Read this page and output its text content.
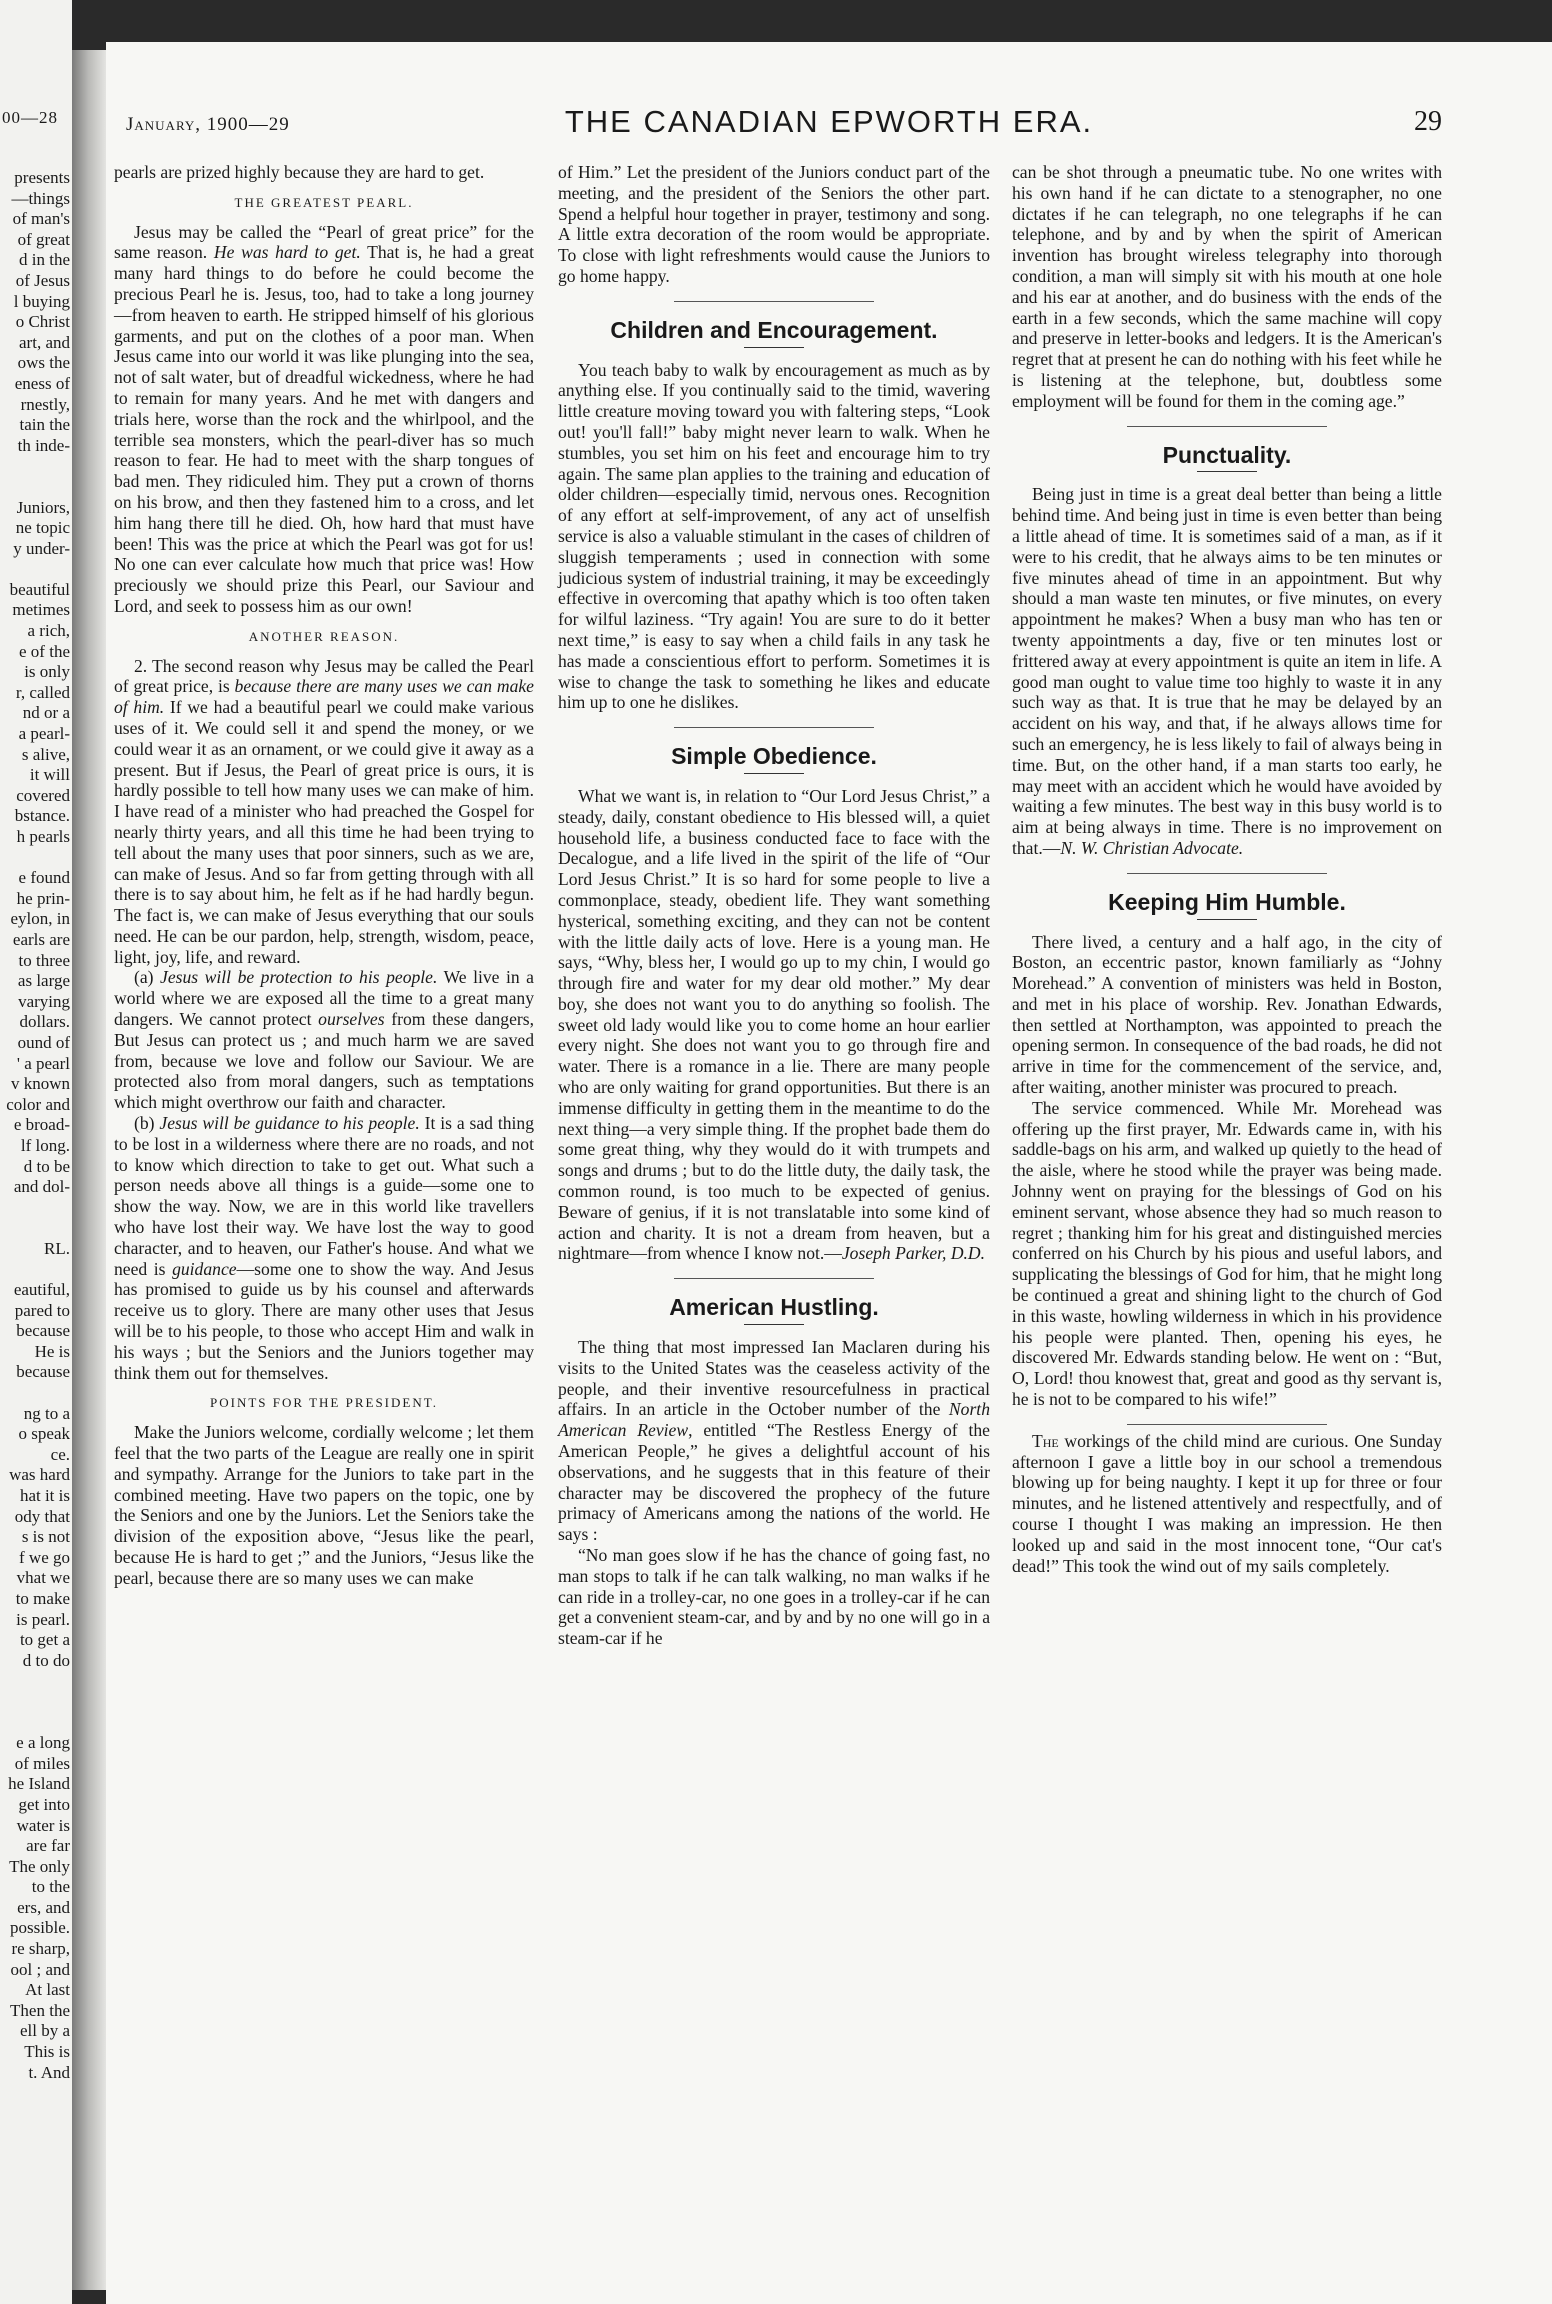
00—28
presents
—things
of man's
of great
d in the
of Jesus
l buying
o Christ
art, and
ows the
eness of
rnestly,
tain the
th inde-

Juniors,
ne topic
y under-

beautiful
metimes
a rich,
e of the
is only
r, called
nd or a
a pearl-
s alive,
it will
covered
bstance.
h pearls

e found
he prin-
eylon, in
earls are
to three
as large
varying
dollars.
ound of
' a pearl
v known
color and
e broad-
lf long.
d to be
and dol-

RL.

eautiful,
pared to
because
He is
because

ng to a
o speak
ce.
was hard
hat it is
ody that
s is not
f we go
vhat we
to make
is pearl.
to get a
d to do

e a long
of miles
he Island
get into
water is
are far
The only
to the
ers, and
possible.
re sharp,
ool ; and
At last
Then the
ell by a
This is
t. And
January, 1900—29	THE CANADIAN EPWORTH ERA.	29

pearls are prized highly because they are hard to get.

THE GREATEST PEARL.

Jesus may be called the “Pearl of great price” for the same reason. He was hard to get. That is, he had a great many hard things to do before he could become the precious Pearl he is. Jesus, too, had to take a long journey—from heaven to earth. He stripped himself of his glorious garments, and put on the clothes of a poor man. When Jesus came into our world it was like plunging into the sea, not of salt water, but of dreadful wickedness, where he had to remain for many years. And he met with dangers and trials here, worse than the rock and the whirlpool, and the terrible sea monsters, which the pearl-diver has so much reason to fear. He had to meet with the sharp tongues of bad men. They ridiculed him. They put a crown of thorns on his brow, and then they fastened him to a cross, and let him hang there till he died. Oh, how hard that must have been! This was the price at which the Pearl was got for us! No one can ever calculate how much that price was! How preciously we should prize this Pearl, our Saviour and Lord, and seek to possess him as our own!

ANOTHER REASON.

2. The second reason why Jesus may be called the Pearl of great price, is because there are many uses we can make of him. If we had a beautiful pearl we could make various uses of it. We could sell it and spend the money, or we could wear it as an ornament, or we could give it away as a present. But if Jesus, the Pearl of great price is ours, it is hardly possible to tell how many uses we can make of him. I have read of a minister who had preached the Gospel for nearly thirty years, and all this time he had been trying to tell about the many uses that poor sinners, such as we are, can make of Jesus. And so far from getting through with all there is to say about him, he felt as if he had hardly begun. The fact is, we can make of Jesus everything that our souls need. He can be our pardon, help, strength, wisdom, peace, light, joy, life, and reward.

(a) Jesus will be protection to his people. We live in a world where we are exposed all the time to a great many dangers. We cannot protect ourselves from these dangers, But Jesus can protect us ; and much harm we are saved from, because we love and follow our Saviour. We are protected also from moral dangers, such as temptations which might overthrow our faith and character.

(b) Jesus will be guidance to his people. It is a sad thing to be lost in a wilderness where there are no roads, and not to know which direction to take to get out. What such a person needs above all things is a guide—some one to show the way. Now, we are in this world like travellers who have lost their way. We have lost the way to good character, and to heaven, our Father's house. And what we need is guidance—some one to show the way. And Jesus has promised to guide us by his counsel and afterwards receive us to glory. There are many other uses that Jesus will be to his people, to those who accept Him and walk in his ways ; but the Seniors and the Juniors together may think them out for themselves.

POINTS FOR THE PRESIDENT.

Make the Juniors welcome, cordially welcome ; let them feel that the two parts of the League are really one in spirit and sympathy. Arrange for the Juniors to take part in the combined meeting. Have two papers on the topic, one by the Seniors and one by the Juniors. Let the Seniors take the division of the exposition above, “Jesus like the pearl, because He is hard to get ;” and the Juniors, “Jesus like the pearl, because there are so many uses we can make

of Him.” Let the president of the Juniors conduct part of the meeting, and the president of the Seniors the other part. Spend a helpful hour together in prayer, testimony and song. A little extra decoration of the room would be appropriate. To close with light refreshments would cause the Juniors to go home happy.

Children and Encouragement.

You teach baby to walk by encouragement as much as by anything else. If you continually said to the timid, wavering little creature moving toward you with faltering steps, “Look out! you'll fall!” baby might never learn to walk. When he stumbles, you set him on his feet and encourage him to try again. The same plan applies to the training and education of older children—especially timid, nervous ones. Recognition of any effort at self-improvement, of any act of unselfish service is also a valuable stimulant in the cases of children of sluggish temperaments ; used in connection with some judicious system of industrial training, it may be exceedingly effective in overcoming that apathy which is too often taken for wilful laziness. “Try again! You are sure to do it better next time,” is easy to say when a child fails in any task he has made a conscientious effort to perform. Sometimes it is wise to change the task to something he likes and educate him up to one he dislikes.

Simple Obedience.

What we want is, in relation to “Our Lord Jesus Christ,” a steady, daily, constant obedience to His blessed will, a quiet household life, a business conducted face to face with the Decalogue, and a life lived in the spirit of the life of “Our Lord Jesus Christ.” It is so hard for some people to live a commonplace, steady, obedient life. They want something hysterical, something exciting, and they can not be content with the little daily acts of love. Here is a young man. He says, “Why, bless her, I would go up to my chin, I would go through fire and water for my dear old mother.” My dear boy, she does not want you to do anything so foolish. The sweet old lady would like you to come home an hour earlier every night. She does not want you to go through fire and water. There is a romance in a lie. There are many people who are only waiting for grand opportunities. But there is an immense difficulty in getting them in the meantime to do the next thing—a very simple thing. If the prophet bade them do some great thing, why they would do it with trumpets and songs and drums ; but to do the little duty, the daily task, the common round, is too much to be expected of genius. Beware of genius, if it is not translatable into some kind of action and charity. It is not a dream from heaven, but a nightmare—from whence I know not.—Joseph Parker, D.D.

American Hustling.

The thing that most impressed Ian Maclaren during his visits to the United States was the ceaseless activity of the people, and their inventive resourcefulness in practical affairs. In an article in the October number of the North American Review, entitled “The Restless Energy of the American People,” he gives a delightful account of his observations, and he suggests that in this feature of their character may be discovered the prophecy of the future primacy of Americans among the nations of the world. He says :

“No man goes slow if he has the chance of going fast, no man stops to talk if he can talk walking, no man walks if he can ride in a trolley-car, no one goes in a trolley-car if he can get a convenient steam-car, and by and by no one will go in a steam-car if he

can be shot through a pneumatic tube. No one writes with his own hand if he can dictate to a stenographer, no one dictates if he can telegraph, no one telegraphs if he can telephone, and by and by when the spirit of American invention has brought wireless telegraphy into thorough condition, a man will simply sit with his mouth at one hole and his ear at another, and do business with the ends of the earth in a few seconds, which the same machine will copy and preserve in letter-books and ledgers. It is the American's regret that at present he can do nothing with his feet while he is listening at the telephone, but, doubtless some employment will be found for them in the coming age.”

Punctuality.

Being just in time is a great deal better than being a little behind time. And being just in time is even better than being a little ahead of time. It is sometimes said of a man, as if it were to his credit, that he always aims to be ten minutes or five minutes ahead of time in an appointment. But why should a man waste ten minutes, or five minutes, on every appointment he makes? When a busy man who has ten or twenty appointments a day, five or ten minutes lost or frittered away at every appointment is quite an item in life. A good man ought to value time too highly to waste it in any such way as that. It is true that he may be delayed by an accident on his way, and that, if he always allows time for such an emergency, he is less likely to fail of always being in time. But, on the other hand, if a man starts too early, he may meet with an accident which he would have avoided by waiting a few minutes. The best way in this busy world is to aim at being always in time. There is no improvement on that.—N. W. Christian Advocate.

Keeping Him Humble.

There lived, a century and a half ago, in the city of Boston, an eccentric pastor, known familiarly as “Johny Morehead.” A convention of ministers was held in Boston, and met in his place of worship. Rev. Jonathan Edwards, then settled at Northampton, was appointed to preach the opening sermon. In consequence of the bad roads, he did not arrive in time for the commencement of the service, and, after waiting, another minister was procured to preach.

The service commenced. While Mr. Morehead was offering up the first prayer, Mr. Edwards came in, with his saddle-bags on his arm, and walked up quietly to the head of the aisle, where he stood while the prayer was being made. Johnny went on praying for the blessings of God on his eminent servant, whose absence they had so much reason to regret ; thanking him for his great and distinguished mercies conferred on his Church by his pious and useful labors, and supplicating the blessings of God for him, that he might long be continued a great and shining light to the church of God in this waste, howling wilderness in which in his providence his people were planted. Then, opening his eyes, he discovered Mr. Edwards standing below. He went on : “But, O, Lord! thou knowest that, great and good as thy servant is, he is not to be compared to his wife!”

The workings of the child mind are curious. One Sunday afternoon I gave a little boy in our school a tremendous blowing up for being naughty. I kept it up for three or four minutes, and he listened attentively and respectfully, and of course I thought I was making an impression. He then looked up and said in the most innocent tone, “Our cat's dead!” This took the wind out of my sails completely.
